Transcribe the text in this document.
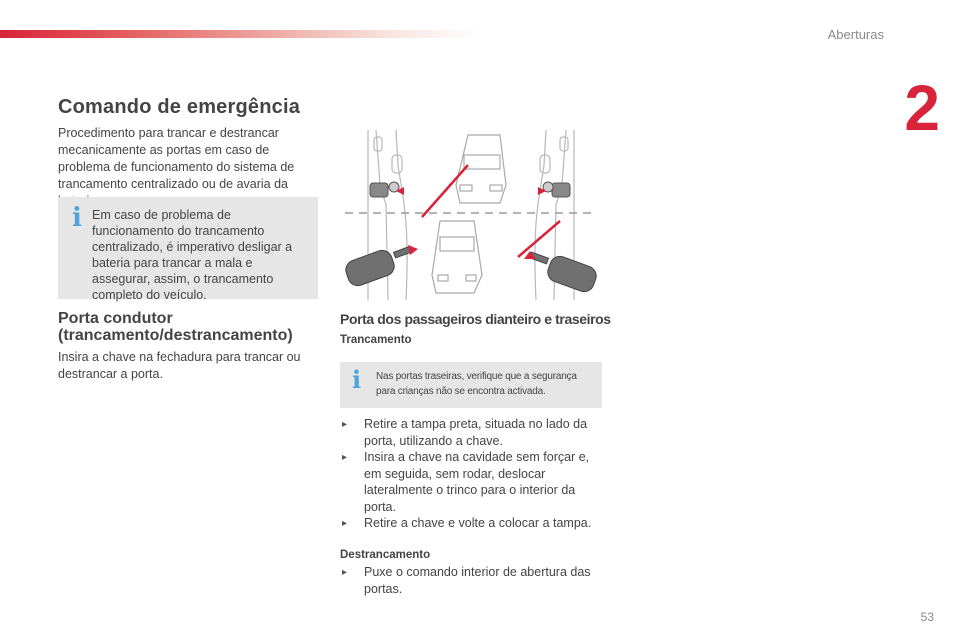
Aberturas
2
Comando de emergência
Procedimento para trancar e destrancar mecanicamente as portas em caso de problema de funcionamento do sistema de trancamento centralizado ou de avaria da
i Em caso de problema de funcionamento do trancamento centralizado, é imperativo desligar a bateria para trancar a mala e assegurar, assim, o trancamento completo do veículo.
Porta condutor (trancamento/destrancamento)
Insira a chave na fechadura para trancar ou destrancar a porta.
Porta dos passageiros dianteiro e traseiros
Trancamento
i Nas portas traseiras, verifique que a segurança para crianças não se encontra activada.
▸ Retire a tampa preta, situada no lado da porta, utilizando a chave.
▸ Insira a chave na cavidade sem forçar e, em seguida, sem rodar, deslocar lateralmente o trinco para o interior da porta.
▸ Retire a chave e volte a colocar a tampa.
Destrancamento
▸ Puxe o comando interior de abertura das portas.
53
